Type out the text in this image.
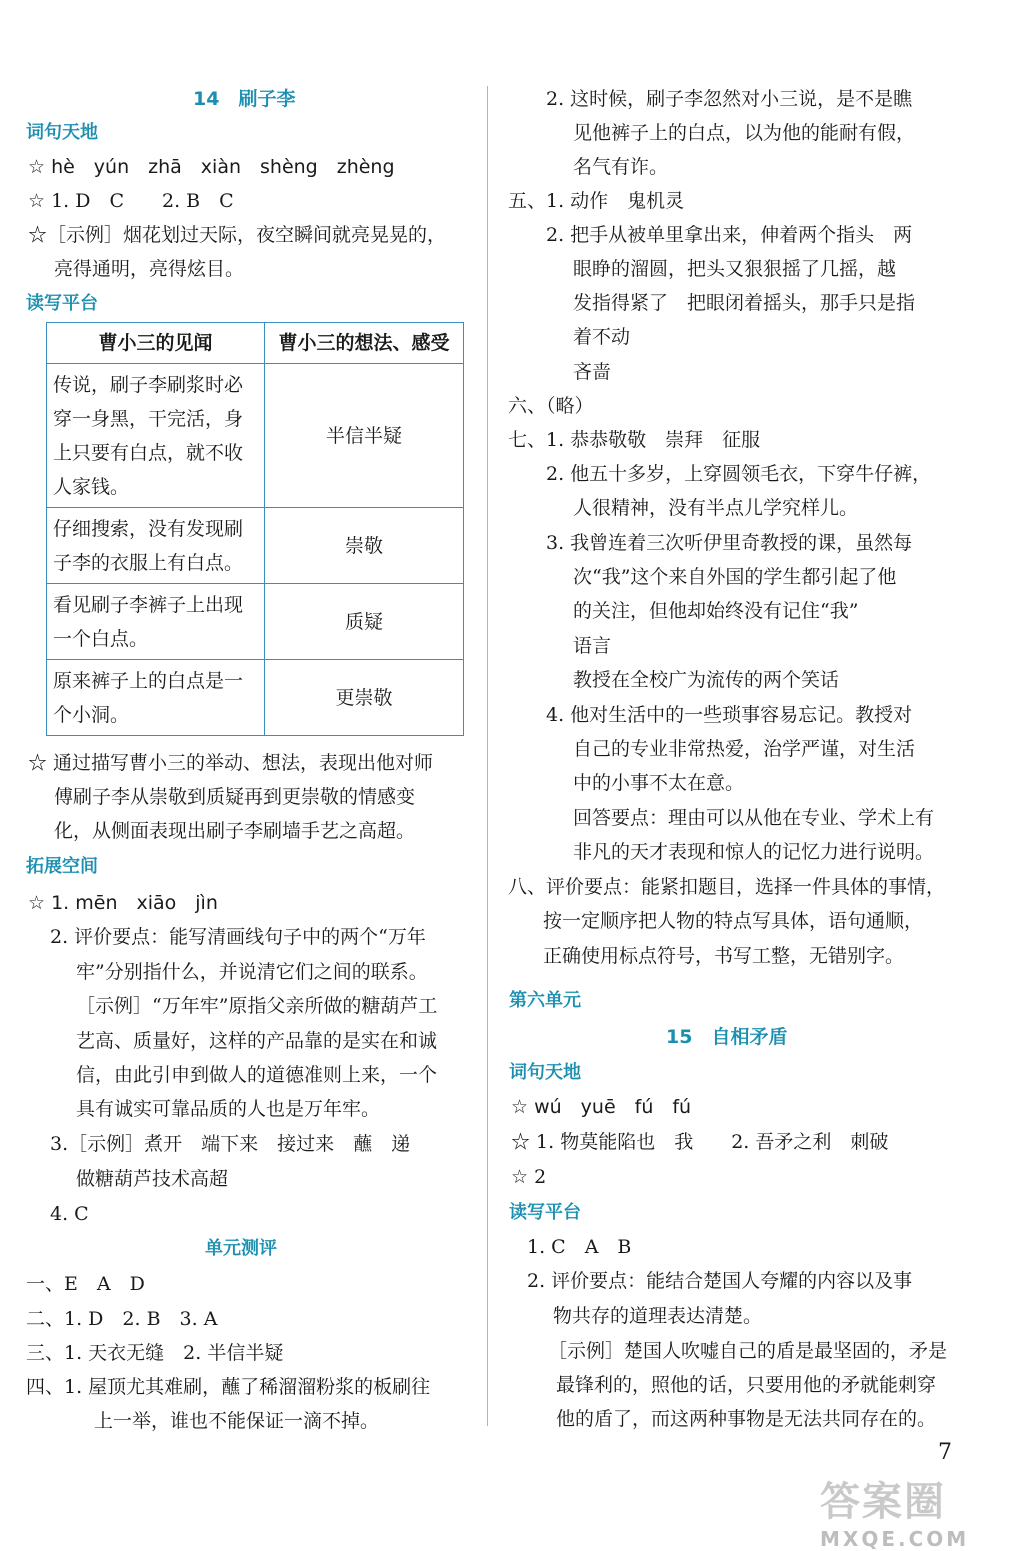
14　刷子李
词句天地
☆ hè　yún　zhā　xiàn　shèng　zhèng
☆ 1. D　C　　2. B　C
☆［示例］烟花划过天际，夜空瞬间就亮晃晃的，
亮得通明，亮得炫目。
读写平台
曹小三的见闻	曹小三的想法、感受

传说，刷子李刷浆时必
穿一身黑，干完活，身
上只要有白点，就不收
人家钱。	半信半疑

仔细搜索，没有发现刷
子李的衣服上有白点。	崇敬

看见刷子李裤子上出现
一个白点。	质疑

原来裤子上的白点是一
个小洞。	更崇敬
☆ 通过描写曹小三的举动、想法，表现出他对师
傅刷子李从崇敬到质疑再到更崇敬的情感变
化，从侧面表现出刷子李刷墙手艺之高超。
拓展空间
☆ 1. mēn　xiāo　jìn
2. 评价要点：能写清画线句子中的两个“万年
牢”分别指什么，并说清它们之间的联系。
［示例］“万年牢”原指父亲所做的糖葫芦工
艺高、质量好，这样的产品靠的是实在和诚
信，由此引申到做人的道德准则上来，一个
具有诚实可靠品质的人也是万年牢。
3.［示例］煮开　端下来　接过来　蘸　递
做糖葫芦技术高超
4. C
单元测评
一、E　A　D
二、1. D　2. B　3. A
三、1. 天衣无缝　2. 半信半疑
四、1. 屋顶尤其难刷，蘸了稀溜溜粉浆的板刷往
上一举，谁也不能保证一滴不掉。
2. 这时候，刷子李忽然对小三说，是不是瞧
见他裤子上的白点，以为他的能耐有假，
名气有诈。
五、1. 动作　鬼机灵
2. 把手从被单里拿出来，伸着两个指头　两
眼睁的溜圆，把头又狠狠摇了几摇，越
发指得紧了　把眼闭着摇头，那手只是指
着不动
吝啬
六、（略）
七、1. 恭恭敬敬　崇拜　征服
2. 他五十多岁，上穿圆领毛衣，下穿牛仔裤，
人很精神，没有半点儿学究样儿。
3. 我曾连着三次听伊里奇教授的课，虽然每
次“我”这个来自外国的学生都引起了他
的关注，但他却始终没有记住“我”
语言
教授在全校广为流传的两个笑话
4. 他对生活中的一些琐事容易忘记。教授对
自己的专业非常热爱，治学严谨，对生活
中的小事不太在意。
回答要点：理由可以从他在专业、学术上有
非凡的天才表现和惊人的记忆力进行说明。
八、评价要点：能紧扣题目，选择一件具体的事情，
按一定顺序把人物的特点写具体，语句通顺，
正确使用标点符号，书写工整，无错别字。
第六单元
15　自相矛盾
词句天地
☆ wú　yuē　fú　fú
☆ 1. 物莫能陷也　我　　2. 吾矛之利　刺破
☆ 2
读写平台
1. C　A　B
2. 评价要点：能结合楚国人夸耀的内容以及事
物共存的道理表达清楚。
［示例］楚国人吹嘘自己的盾是最坚固的，矛是
最锋利的，照他的话，只要用他的矛就能刺穿
他的盾了，而这两种事物是无法共同存在的。
7
答案圈
MXQE.COM
